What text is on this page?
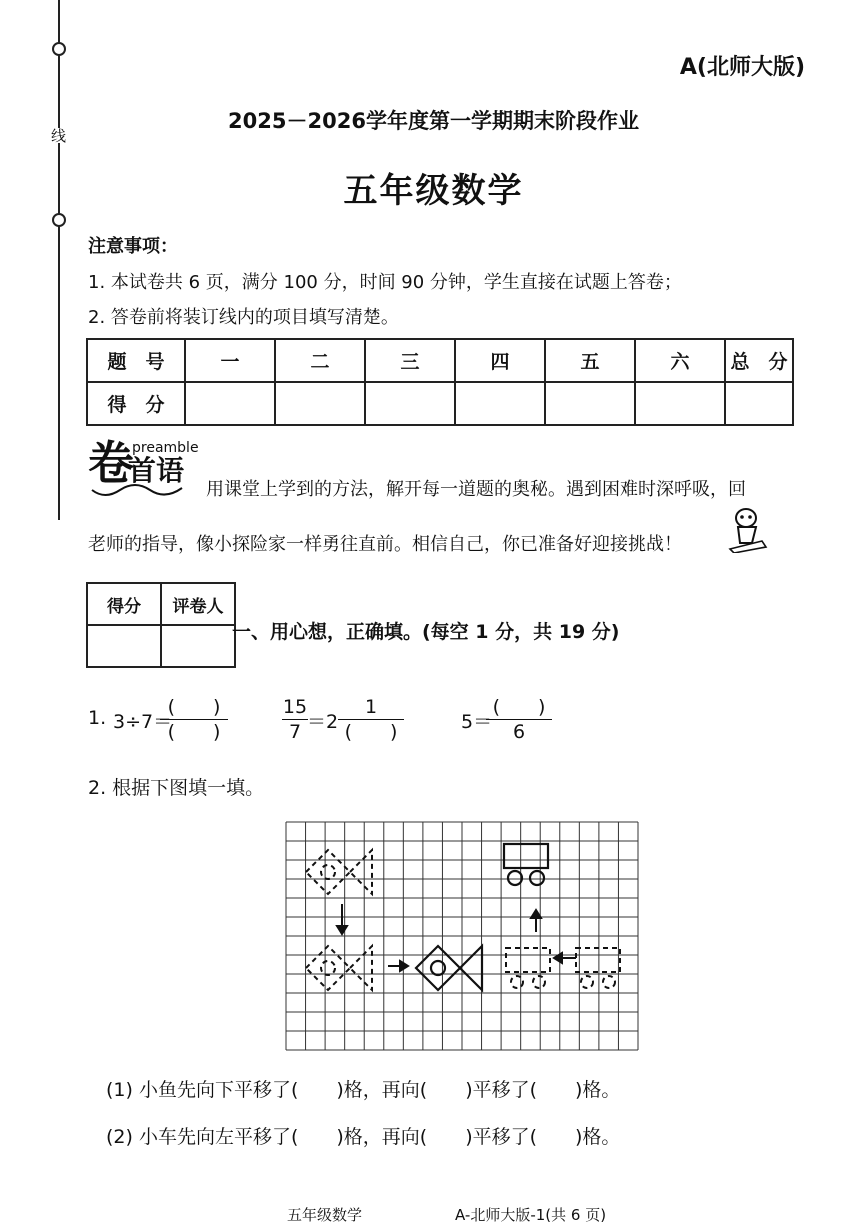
线
A(北师大版)
2025－2026学年度第一学期期末阶段作业
五年级数学
注意事项：
1. 本试卷共 6 页，满分 100 分，时间 90 分钟，学生直接在试题上答卷；
2. 答卷前将装订线内的项目填写清楚。
题　号	一	二	三	四	五	六	总　分
得　分							
卷
preamble
首语
用课堂上学到的方法，解开每一道题的奥秘。遇到困难时深呼吸，回
老师的指导，像小探险家一样勇往直前。相信自己，你已准备好迎接挑战！
得分	评卷人

一、用心想，正确填。(每空 1 分，共 19 分)
1. 3÷7＝
(　　)
(　　)
15
7 ＝2
1
(　　)	5＝
(　　)
6
2. 根据下图填一填。
(1) 小鱼先向下平移了(　　)格，再向(　　)平移了(　　)格。
(2) 小车先向左平移了(　　)格，再向(　　)平移了(　　)格。
五年级数学	A-北师大版-1(共 6 页)
